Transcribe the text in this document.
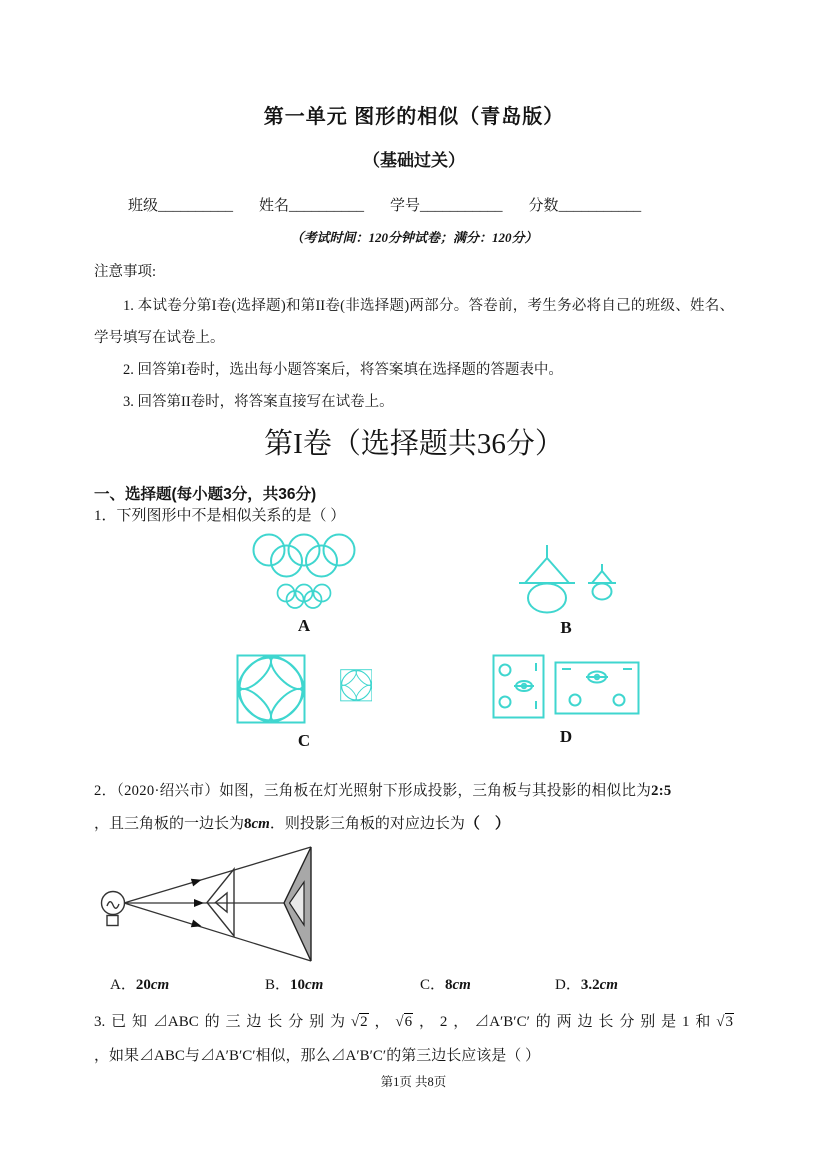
第一单元 图形的相似（青岛版）
（基础过关）
班级__________ 姓名__________ 学号___________ 分数___________
（考试时间：120分钟试卷；满分：120分）
注意事项:

1. 本试卷分第I卷(选择题)和第II卷(非选择题)两部分。答卷前，考生务必将自己的班级、姓名、学号填写在试卷上。

2. 回答第I卷时，选出每小题答案后，将答案填在选择题的答题表中。

3. 回答第II卷时，将答案直接写在试卷上。

第I卷（选择题共36分）
一、选择题(每小题3分，共36分)

1．下列图形中不是相似关系的是（ ）

A	B
C	D

2．（2020·绍兴市）如图，三角板在灯光照射下形成投影，三角板与其投影的相似比为2:5

，且三角板的一边长为8cm．则投影三角板的对应边长为（　）

A．20cm	B．10cm	C．8cm	D．3.2cm

3.已知⊿ABC的三边长分别为√2，√6，2，⊿A′B′C′的两边长分别是1和√3

，如果⊿ABC与⊿A′B′C′相似，那么⊿A′B′C′的第三边长应该是（ ）

第1页 共8页
